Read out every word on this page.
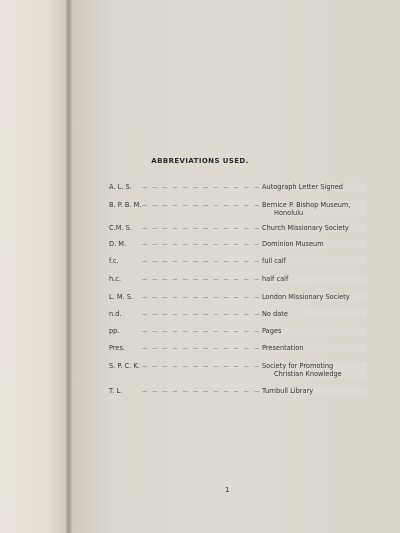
ABBREVIATIONS USED.
A. L. S. — — —	Autograph Letter Signed
B. P. B. M. — — —	Bernice P. Bishop Museum,
Honolulu
C.M. S. — — —	Church Missionary Society
D. M. — — —	Dominion Museum
f.c. — — —	full calf
h.c. — — —	half calf
L. M. S. — — —	London Missionary Society
n.d. — — —	No date
pp. — — —	Pages
Pres. — — —	Presentation
S. P. C. K. — — —	Society for Promoting
Christian Knowledge
T. L. — — —	Turnbull Library
1
